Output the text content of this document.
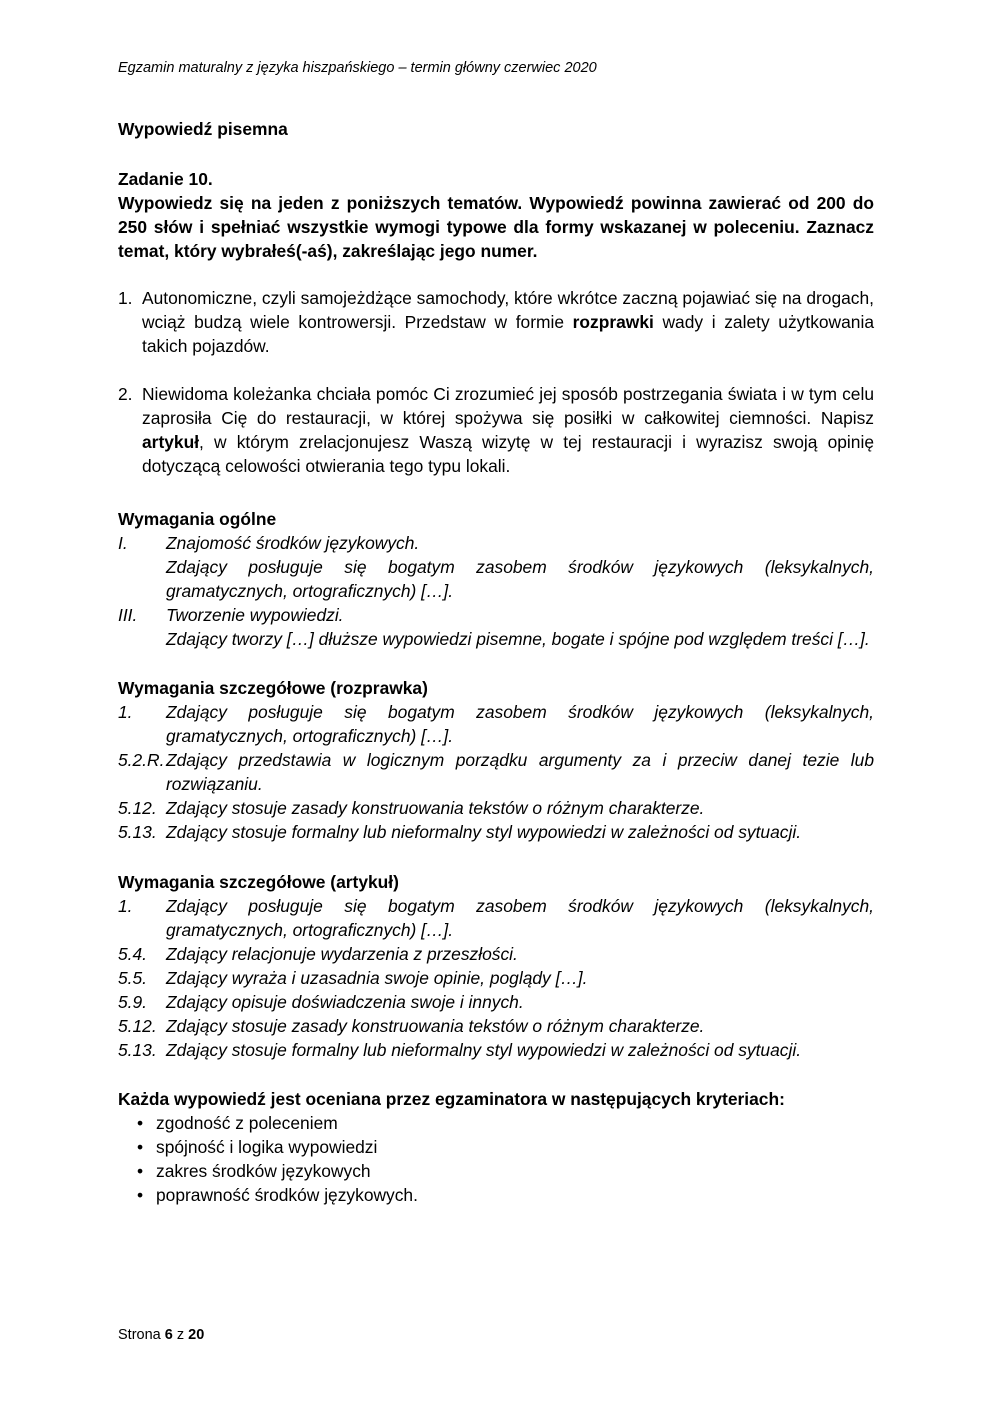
Egzamin maturalny z języka hiszpańskiego – termin główny czerwiec 2020
Wypowiedź pisemna
Zadanie 10.
Wypowiedz się na jeden z poniższych tematów. Wypowiedź powinna zawierać od 200 do 250 słów i spełniać wszystkie wymogi typowe dla formy wskazanej w poleceniu. Zaznacz temat, który wybrałeś(-aś), zakreślając jego numer.
1. Autonomiczne, czyli samojeżdżące samochody, które wkrótce zaczną pojawiać się na drogach, wciąż budzą wiele kontrowersji. Przedstaw w formie rozprawki wady i zalety użytkowania takich pojazdów.
2. Niewidoma koleżanka chciała pomóc Ci zrozumieć jej sposób postrzegania świata i w tym celu zaprosiła Cię do restauracji, w której spożywa się posiłki w całkowitej ciemności. Napisz artykuł, w którym zrelacjonujesz Waszą wizytę w tej restauracji i wyrazisz swoją opinię dotyczącą celowości otwierania tego typu lokali.
Wymagania ogólne
I.	Znajomość środków językowych.
Zdający posługuje się bogatym zasobem środków językowych (leksykalnych, gramatycznych, ortograficznych) […].
III.	Tworzenie wypowiedzi.
Zdający tworzy […] dłuższe wypowiedzi pisemne, bogate i spójne pod względem treści […].
Wymagania szczegółowe (rozprawka)
1.	Zdający posługuje się bogatym zasobem środków językowych (leksykalnych, gramatycznych, ortograficznych) […].
5.2.R. Zdający przedstawia w logicznym porządku argumenty za i przeciw danej tezie lub rozwiązaniu.
5.12. Zdający stosuje zasady konstruowania tekstów o różnym charakterze.
5.13. Zdający stosuje formalny lub nieformalny styl wypowiedzi w zależności od sytuacji.
Wymagania szczegółowe (artykuł)
1.	Zdający posługuje się bogatym zasobem środków językowych (leksykalnych, gramatycznych, ortograficznych) […].
5.4.	Zdający relacjonuje wydarzenia z przeszłości.
5.5.	Zdający wyraża i uzasadnia swoje opinie, poglądy […].
5.9.	Zdający opisuje doświadczenia swoje i innych.
5.12. Zdający stosuje zasady konstruowania tekstów o różnym charakterze.
5.13. Zdający stosuje formalny lub nieformalny styl wypowiedzi w zależności od sytuacji.
Każda wypowiedź jest oceniana przez egzaminatora w następujących kryteriach:
• zgodność z poleceniem
• spójność i logika wypowiedzi
• zakres środków językowych
• poprawność środków językowych.
Strona 6 z 20
